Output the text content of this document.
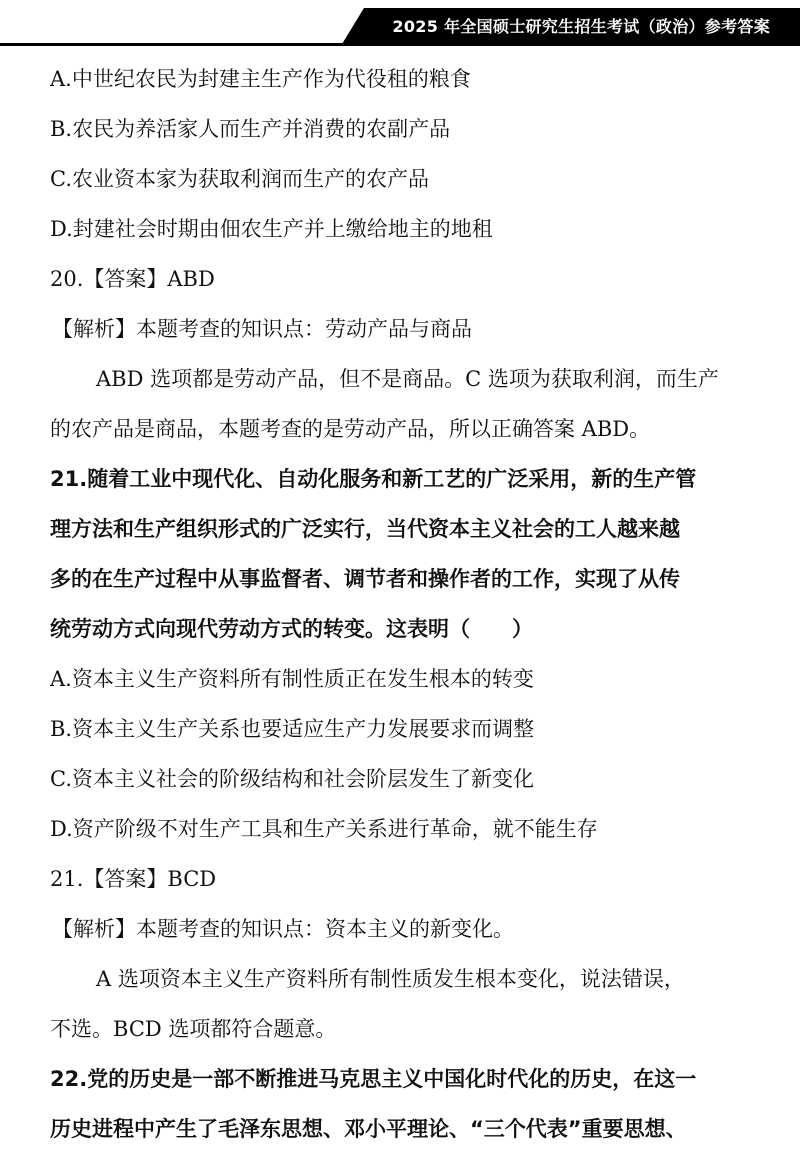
2025 年全国硕士研究生招生考试（政治）参考答案
A.中世纪农民为封建主生产作为代役租的粮食
B.农民为养活家人而生产并消费的农副产品
C.农业资本家为获取利润而生产的农产品
D.封建社会时期由佃农生产并上缴给地主的地租
20.【答案】ABD
【解析】本题考查的知识点：劳动产品与商品
ABD 选项都是劳动产品，但不是商品。C 选项为获取利润，而生产
的农产品是商品，本题考查的是劳动产品，所以正确答案 ABD。
21.随着工业中现代化、自动化服务和新工艺的广泛采用，新的生产管
理方法和生产组织形式的广泛实行，当代资本主义社会的工人越来越
多的在生产过程中从事监督者、调节者和操作者的工作，实现了从传
统劳动方式向现代劳动方式的转变。这表明（　　）
A.资本主义生产资料所有制性质正在发生根本的转变
B.资本主义生产关系也要适应生产力发展要求而调整
C.资本主义社会的阶级结构和社会阶层发生了新变化
D.资产阶级不对生产工具和生产关系进行革命，就不能生存
21.【答案】BCD
【解析】本题考查的知识点：资本主义的新变化。
A 选项资本主义生产资料所有制性质发生根本变化，说法错误，
不选。BCD 选项都符合题意。
22.党的历史是一部不断推进马克思主义中国化时代化的历史，在这一
历史进程中产生了毛泽东思想、邓小平理论、“三个代表”重要思想、
